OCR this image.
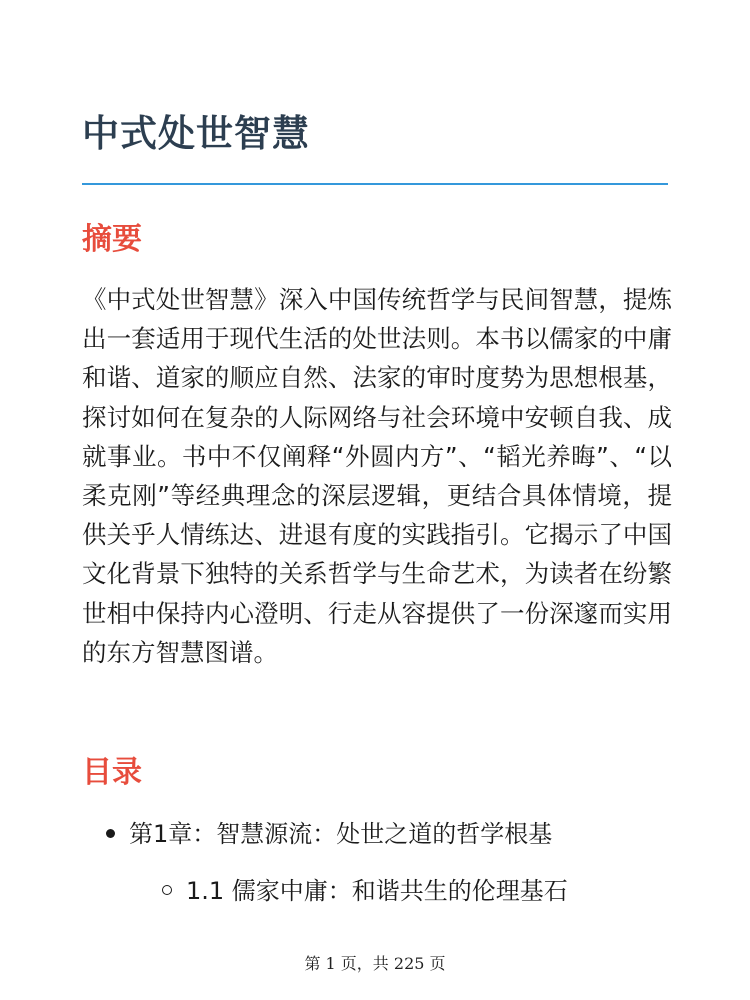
中式处世智慧
摘要

《中式处世智慧》深入中国传统哲学与民间智慧，提炼出一套适用于现代生活的处世法则。本书以儒家的中庸和谐、道家的顺应自然、法家的审时度势为思想根基，探讨如何在复杂的人际网络与社会环境中安顿自我、成就事业。书中不仅阐释“外圆内方”、“韬光养晦”、“以柔克刚”等经典理念的深层逻辑，更结合具体情境，提供关乎人情练达、进退有度的实践指引。它揭示了中国文化背景下独特的关系哲学与生命艺术，为读者在纷繁世相中保持内心澄明、行走从容提供了一份深邃而实用的东方智慧图谱。

目录
第1章：智慧源流：处世之道的哲学根基
1.1 儒家中庸：和谐共生的伦理基石
第 1 页，共 225 页
